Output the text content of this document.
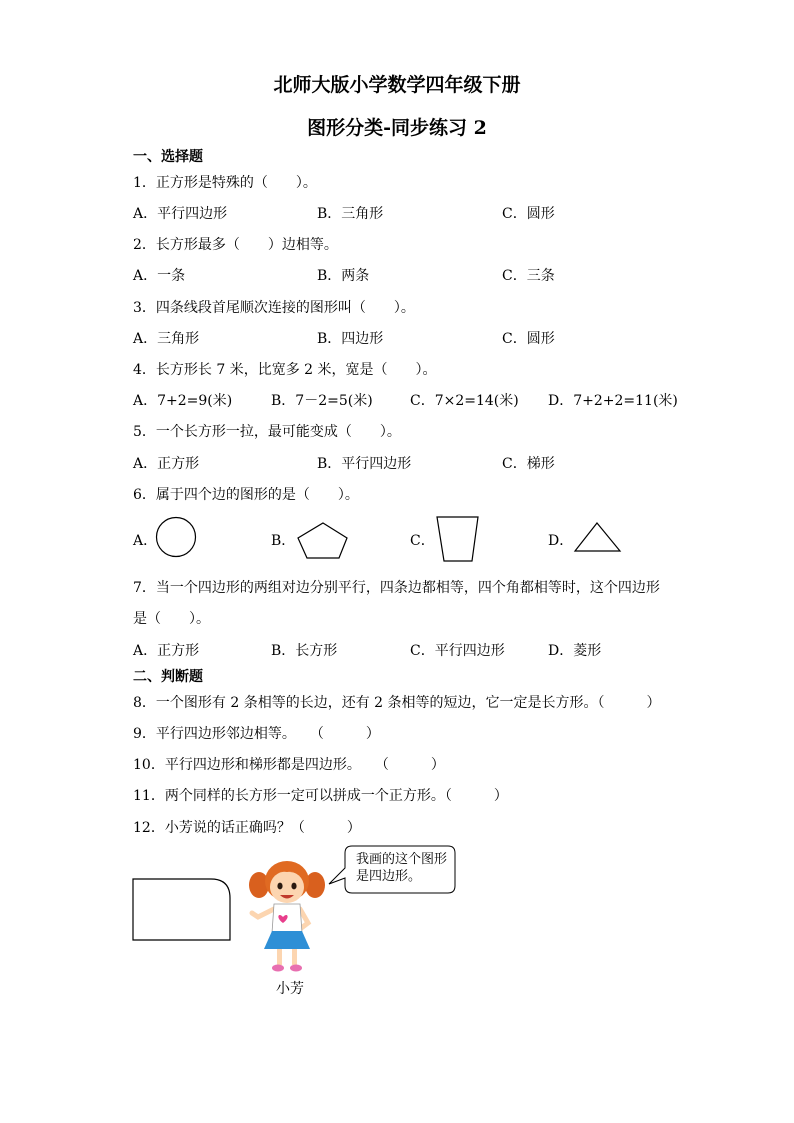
北师大版小学数学四年级下册
图形分类-同步练习 2
一、选择题
1．正方形是特殊的（　　）。
A．平行四边形	B．三角形	C．圆形
2．长方形最多（　　）边相等。
A．一条	B．两条	C．三条
3．四条线段首尾顺次连接的图形叫（　　）。
A．三角形	B．四边形	C．圆形
4．长方形长 7 米，比宽多 2 米，宽是（　　）。
A．7+2=9(米)	B．7－2=5(米)	C．7×2=14(米) D．7+2+2=11(米)
5．一个长方形一拉，最可能变成（　　）。
A．正方形	B．平行四边形	C．梯形
6．属于四个边的图形的是（　　）。
A．	B．	C．	D．
7．当一个四边形的两组对边分别平行，四条边都相等，四个角都相等时，这个四边形
是（　　）。
A．正方形	B．长方形	C．平行四边形	D．菱形
二、判断题
8．一个图形有 2 条相等的长边，还有 2 条相等的短边，它一定是长方形。（　　　）
9．平行四边形邻边相等。　　（　　　）
10．平行四边形和梯形都是四边形。　　（　　　）
11．两个同样的长方形一定可以拼成一个正方形。（　　　）
12．小芳说的话正确吗？（　　　）
我画的这个图形是四边形。
小芳
